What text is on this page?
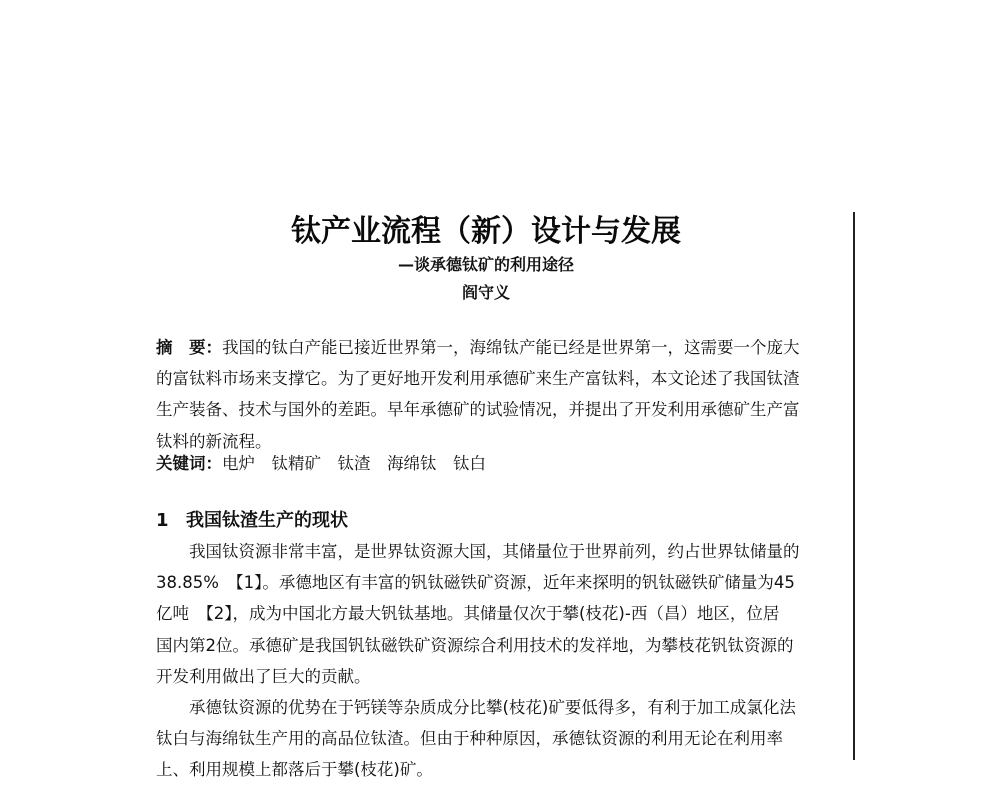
钛产业流程（新）设计与发展
—谈承德钛矿的利用途径
阎守义
摘　要：我国的钛白产能已接近世界第一，海绵钛产能已经是世界第一，这需要一个庞大
的富钛料市场来支撑它。为了更好地开发利用承德矿来生产富钛料，本文论述了我国钛渣
生产装备、技术与国外的差距。早年承德矿的试验情况，并提出了开发利用承德矿生产富
钛料的新流程。
关键词：电炉　钛精矿　钛渣　海绵钛　钛白
1 我国钛渣生产的现状
我国钛资源非常丰富，是世界钛资源大国，其储量位于世界前列，约占世界钛储量的
38.85%　【1】。承德地区有丰富的钒钛磁铁矿资源，近年来探明的钒钛磁铁矿储量为45
亿吨　【2】，成为中国北方最大钒钛基地。其储量仅次于攀(枝花)-西（昌）地区，位居
国内第2位。承德矿是我国钒钛磁铁矿资源综合利用技术的发祥地，为攀枝花钒钛资源的
开发利用做出了巨大的贡献。
承德钛资源的优势在于钙镁等杂质成分比攀(枝花)矿要低得多，有利于加工成氯化法
钛白与海绵钛生产用的高品位钛渣。但由于种种原因，承德钛资源的利用无论在利用率
上、利用规模上都落后于攀(枝花)矿。
